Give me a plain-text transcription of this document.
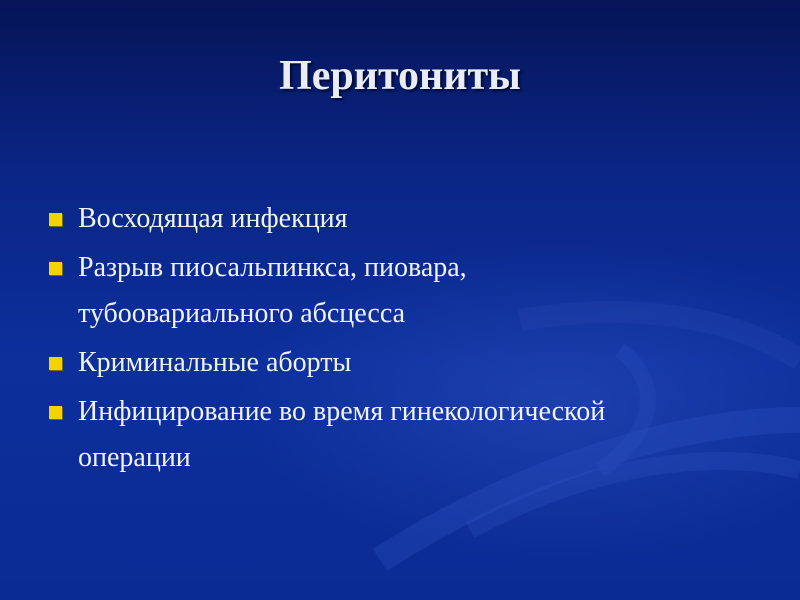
Перитониты
Восходящая инфекция
Разрыв пиосальпинкса, пиовара,
тубоовариального абсцесса
Криминальные аборты
Инфицирование во время гинекологической
операции
